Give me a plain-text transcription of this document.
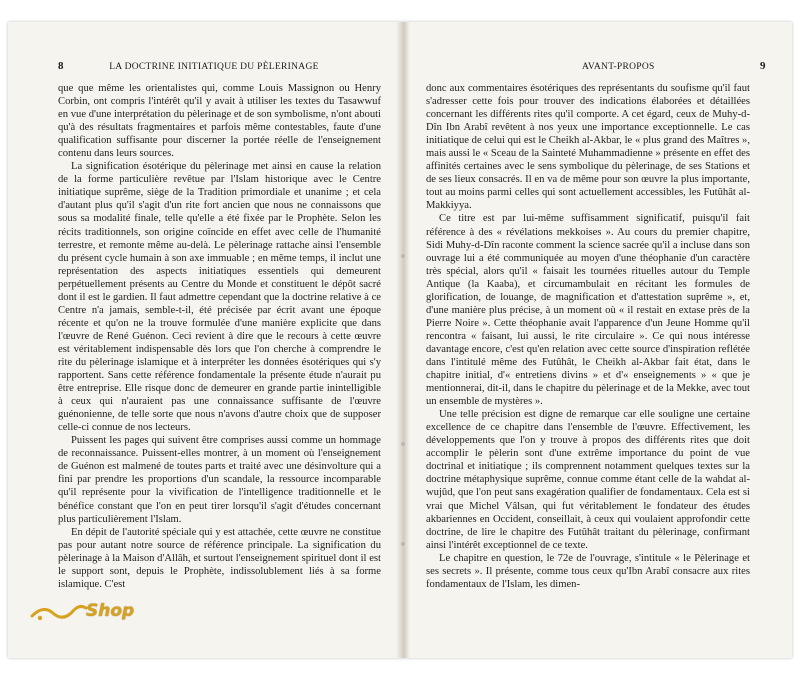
8	LA DOCTRINE INITIATIQUE DU PÈLERINAGE

que que même les orientalistes qui, comme Louis Massignon ou Henry Corbin, ont compris l'intérêt qu'il y avait à utiliser les textes du Tasawwuf en vue d'une interprétation du pèlerinage et de son symbolisme, n'ont abouti qu'à des résultats fragmentaires et parfois même contestables, faute d'une qualification suffisante pour discerner la portée réelle de l'enseignement contenu dans leurs sources.

La signification ésotérique du pèlerinage met ainsi en cause la relation de la forme particulière revêtue par l'Islam historique avec le Centre initiatique suprême, siège de la Tradition primordiale et unanime ; et cela d'autant plus qu'il s'agit d'un rite fort ancien que nous ne connaissons que sous sa modalité finale, telle qu'elle a été fixée par le Prophète. Selon les récits traditionnels, son origine coïncide en effet avec celle de l'humanité terrestre, et remonte même au-delà. Le pèlerinage rattache ainsi l'ensemble du présent cycle humain à son axe immuable ; en même temps, il inclut une représentation des aspects initiatiques essentiels qui demeurent perpétuellement présents au Centre du Monde et constituent le dépôt sacré dont il est le gardien. Il faut admettre cependant que la doctrine relative à ce Centre n'a jamais, semble-t-il, été précisée par écrit avant une époque récente et qu'on ne la trouve formulée d'une manière explicite que dans l'œuvre de René Guénon. Ceci revient à dire que le recours à cette œuvre est véritablement indispensable dès lors que l'on cherche à comprendre le rite du pèlerinage islamique et à interpréter les données ésotériques qui s'y rapportent. Sans cette référence fondamentale la présente étude n'aurait pu être entreprise. Elle risque donc de demeurer en grande partie inintelligible à ceux qui n'auraient pas une connaissance suffisante de l'œuvre guénonienne, de telle sorte que nous n'avons d'autre choix que de supposer celle-ci connue de nos lecteurs.

Puissent les pages qui suivent être comprises aussi comme un hommage de reconnaissance. Puissent-elles montrer, à un moment où l'enseignement de Guénon est malmené de toutes parts et traité avec une désinvolture qui a fini par prendre les proportions d'un scandale, la ressource incomparable qu'il représente pour la vivification de l'intelligence traditionnelle et le bénéfice constant que l'on en peut tirer lorsqu'il s'agit d'études concernant plus particulièrement l'Islam.

En dépit de l'autorité spéciale qui y est attachée, cette œuvre ne constitue pas pour autant notre source de référence principale. La signification du pèlerinage à la Maison d'Allâh, et surtout l'enseignement spirituel dont il est le support sont, depuis le Prophète, indissolublement liés à sa forme islamique. C'est

AVANT-PROPOS	9

donc aux commentaires ésotériques des représentants du soufisme qu'il faut s'adresser cette fois pour trouver des indications élaborées et détaillées concernant les différents rites qu'il comporte. A cet égard, ceux de Muhy-d-Dîn Ibn Arabî revêtent à nos yeux une importance exceptionnelle. Le cas initiatique de celui qui est le Cheikh al-Akbar, le « plus grand des Maîtres », mais aussi le « Sceau de la Sainteté Muhammadienne » présente en effet des affinités certaines avec le sens symbolique du pèlerinage, de ses Stations et de ses lieux consacrés. Il en va de même pour son œuvre la plus importante, tout au moins parmi celles qui sont actuellement accessibles, les Futûhât al-Makkiyya.

Ce titre est par lui-même suffisamment significatif, puisqu'il fait référence à des « révélations mekkoises ». Au cours du premier chapitre, Sidi Muhy-d-Dîn raconte comment la science sacrée qu'il a incluse dans son ouvrage lui a été communiquée au moyen d'une théophanie d'un caractère très spécial, alors qu'il « faisait les tournées rituelles autour du Temple Antique (la Kaaba), et circumambulait en récitant les formules de glorification, de louange, de magnification et d'attestation suprême », et, d'une manière plus précise, à un moment où « il restait en extase près de la Pierre Noire ». Cette théophanie avait l'apparence d'un Jeune Homme qu'il rencontra « faisant, lui aussi, le rite circulaire ». Ce qui nous intéresse davantage encore, c'est qu'en relation avec cette source d'inspiration reflétée dans l'intitulé même des Futûhât, le Cheikh al-Akbar fait état, dans le chapitre initial, d'« entretiens divins » et d'« enseignements » « que je mentionnerai, dit-il, dans le chapitre du pèlerinage et de la Mekke, avec tout un ensemble de mystères ».

Une telle précision est digne de remarque car elle souligne une certaine excellence de ce chapitre dans l'ensemble de l'œuvre. Effectivement, les développements que l'on y trouve à propos des différents rites que doit accomplir le pèlerin sont d'une extrême importance du point de vue doctrinal et initiatique ; ils comprennent notamment quelques textes sur la doctrine métaphysique suprême, connue comme étant celle de la wahdat al-wujûd, que l'on peut sans exagération qualifier de fondamentaux. Cela est si vrai que Michel Vâlsan, qui fut véritablement le fondateur des études akbariennes en Occident, conseillait, à ceux qui voulaient approfondir cette doctrine, de lire le chapitre des Futûhât traitant du pèlerinage, confirmant ainsi l'intérêt exceptionnel de ce texte.

Le chapitre en question, le 72e de l'ouvrage, s'intitule « le Pèlerinage et ses secrets ». Il présente, comme tous ceux qu'Ibn Arabî consacre aux rites fondamentaux de l'Islam, les dimen-

Shop
